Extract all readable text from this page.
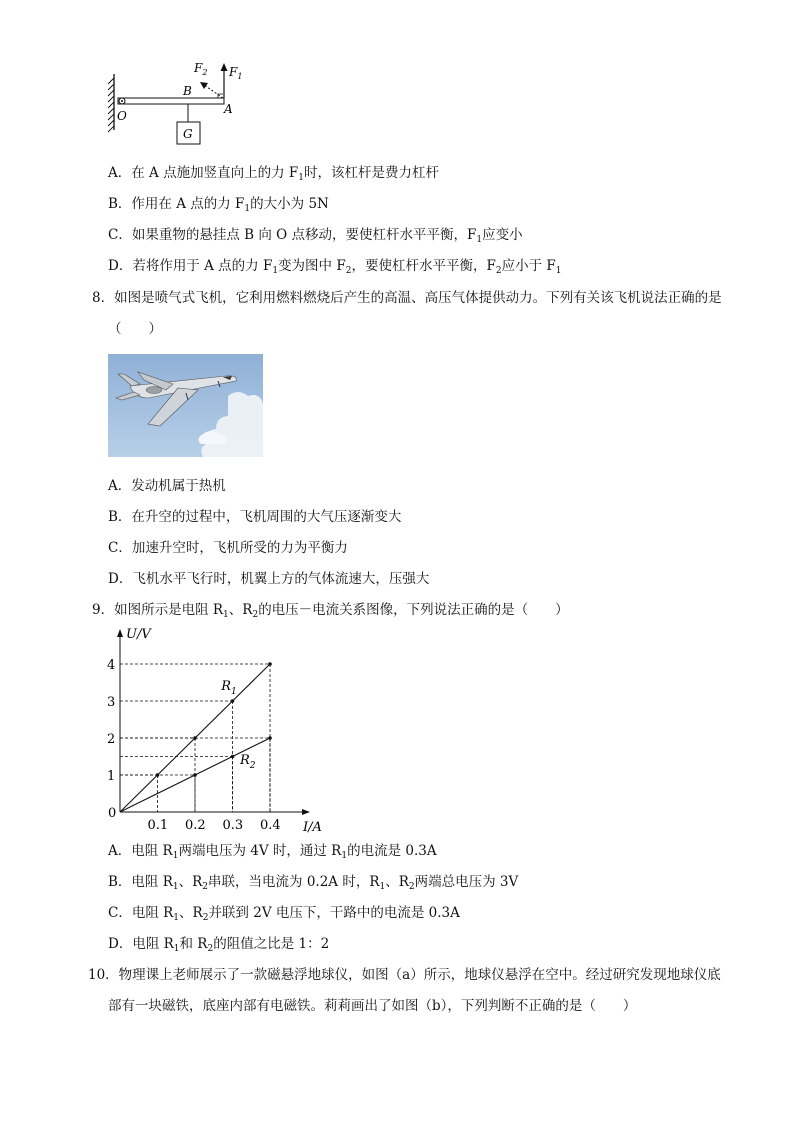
$F_2$ $F_1$
B
A
O
G
A．在 A 点施加竖直向上的力 $F_1$时，该杠杆是费力杠杆
B．作用在 A 点的力 $F_1$的大小为 5N
C．如果重物的悬挂点 B 向 O 点移动，要使杠杆水平平衡，$F_1$应变小
D．若将作用于 A 点的力 $F_1$变为图中 $F_2$，要使杠杆水平平衡，$F_2$应小于 $F_1$
8．如图是喷气式飞机，它利用燃料燃烧后产生的高温、高压气体提供动力。下列有关该飞机说法正确的是
（　　）
A．发动机属于热机
B．在升空的过程中，飞机周围的大气压逐渐变大
C．加速升空时，飞机所受的力为平衡力
D．飞机水平飞行时，机翼上方的气体流速大，压强大
9．如图所示是电阻 $R_1$、$R_2$的电压－电流关系图像，下列说法正确的是（　　）
U/V
I/A
0
0.1 0.2 0.3 0.4
1
2
3
4
$R_1$
$R_2$
A．电阻 $R_1$两端电压为 4V 时，通过 $R_1$的电流是 0.3A
B．电阻 $R_1$、$R_2$串联，当电流为 0.2A 时，$R_1$、$R_2$两端总电压为 3V
C．电阻 $R_1$、$R_2$并联到 2V 电压下，干路中的电流是 0.3A
D．电阻 $R_1$和 $R_2$的阻值之比是 1：2
10．物理课上老师展示了一款磁悬浮地球仪，如图（a）所示，地球仪悬浮在空中。经过研究发现地球仪底
部有一块磁铁，底座内部有电磁铁。莉莉画出了如图（b），下列判断不正确的是（　　）
